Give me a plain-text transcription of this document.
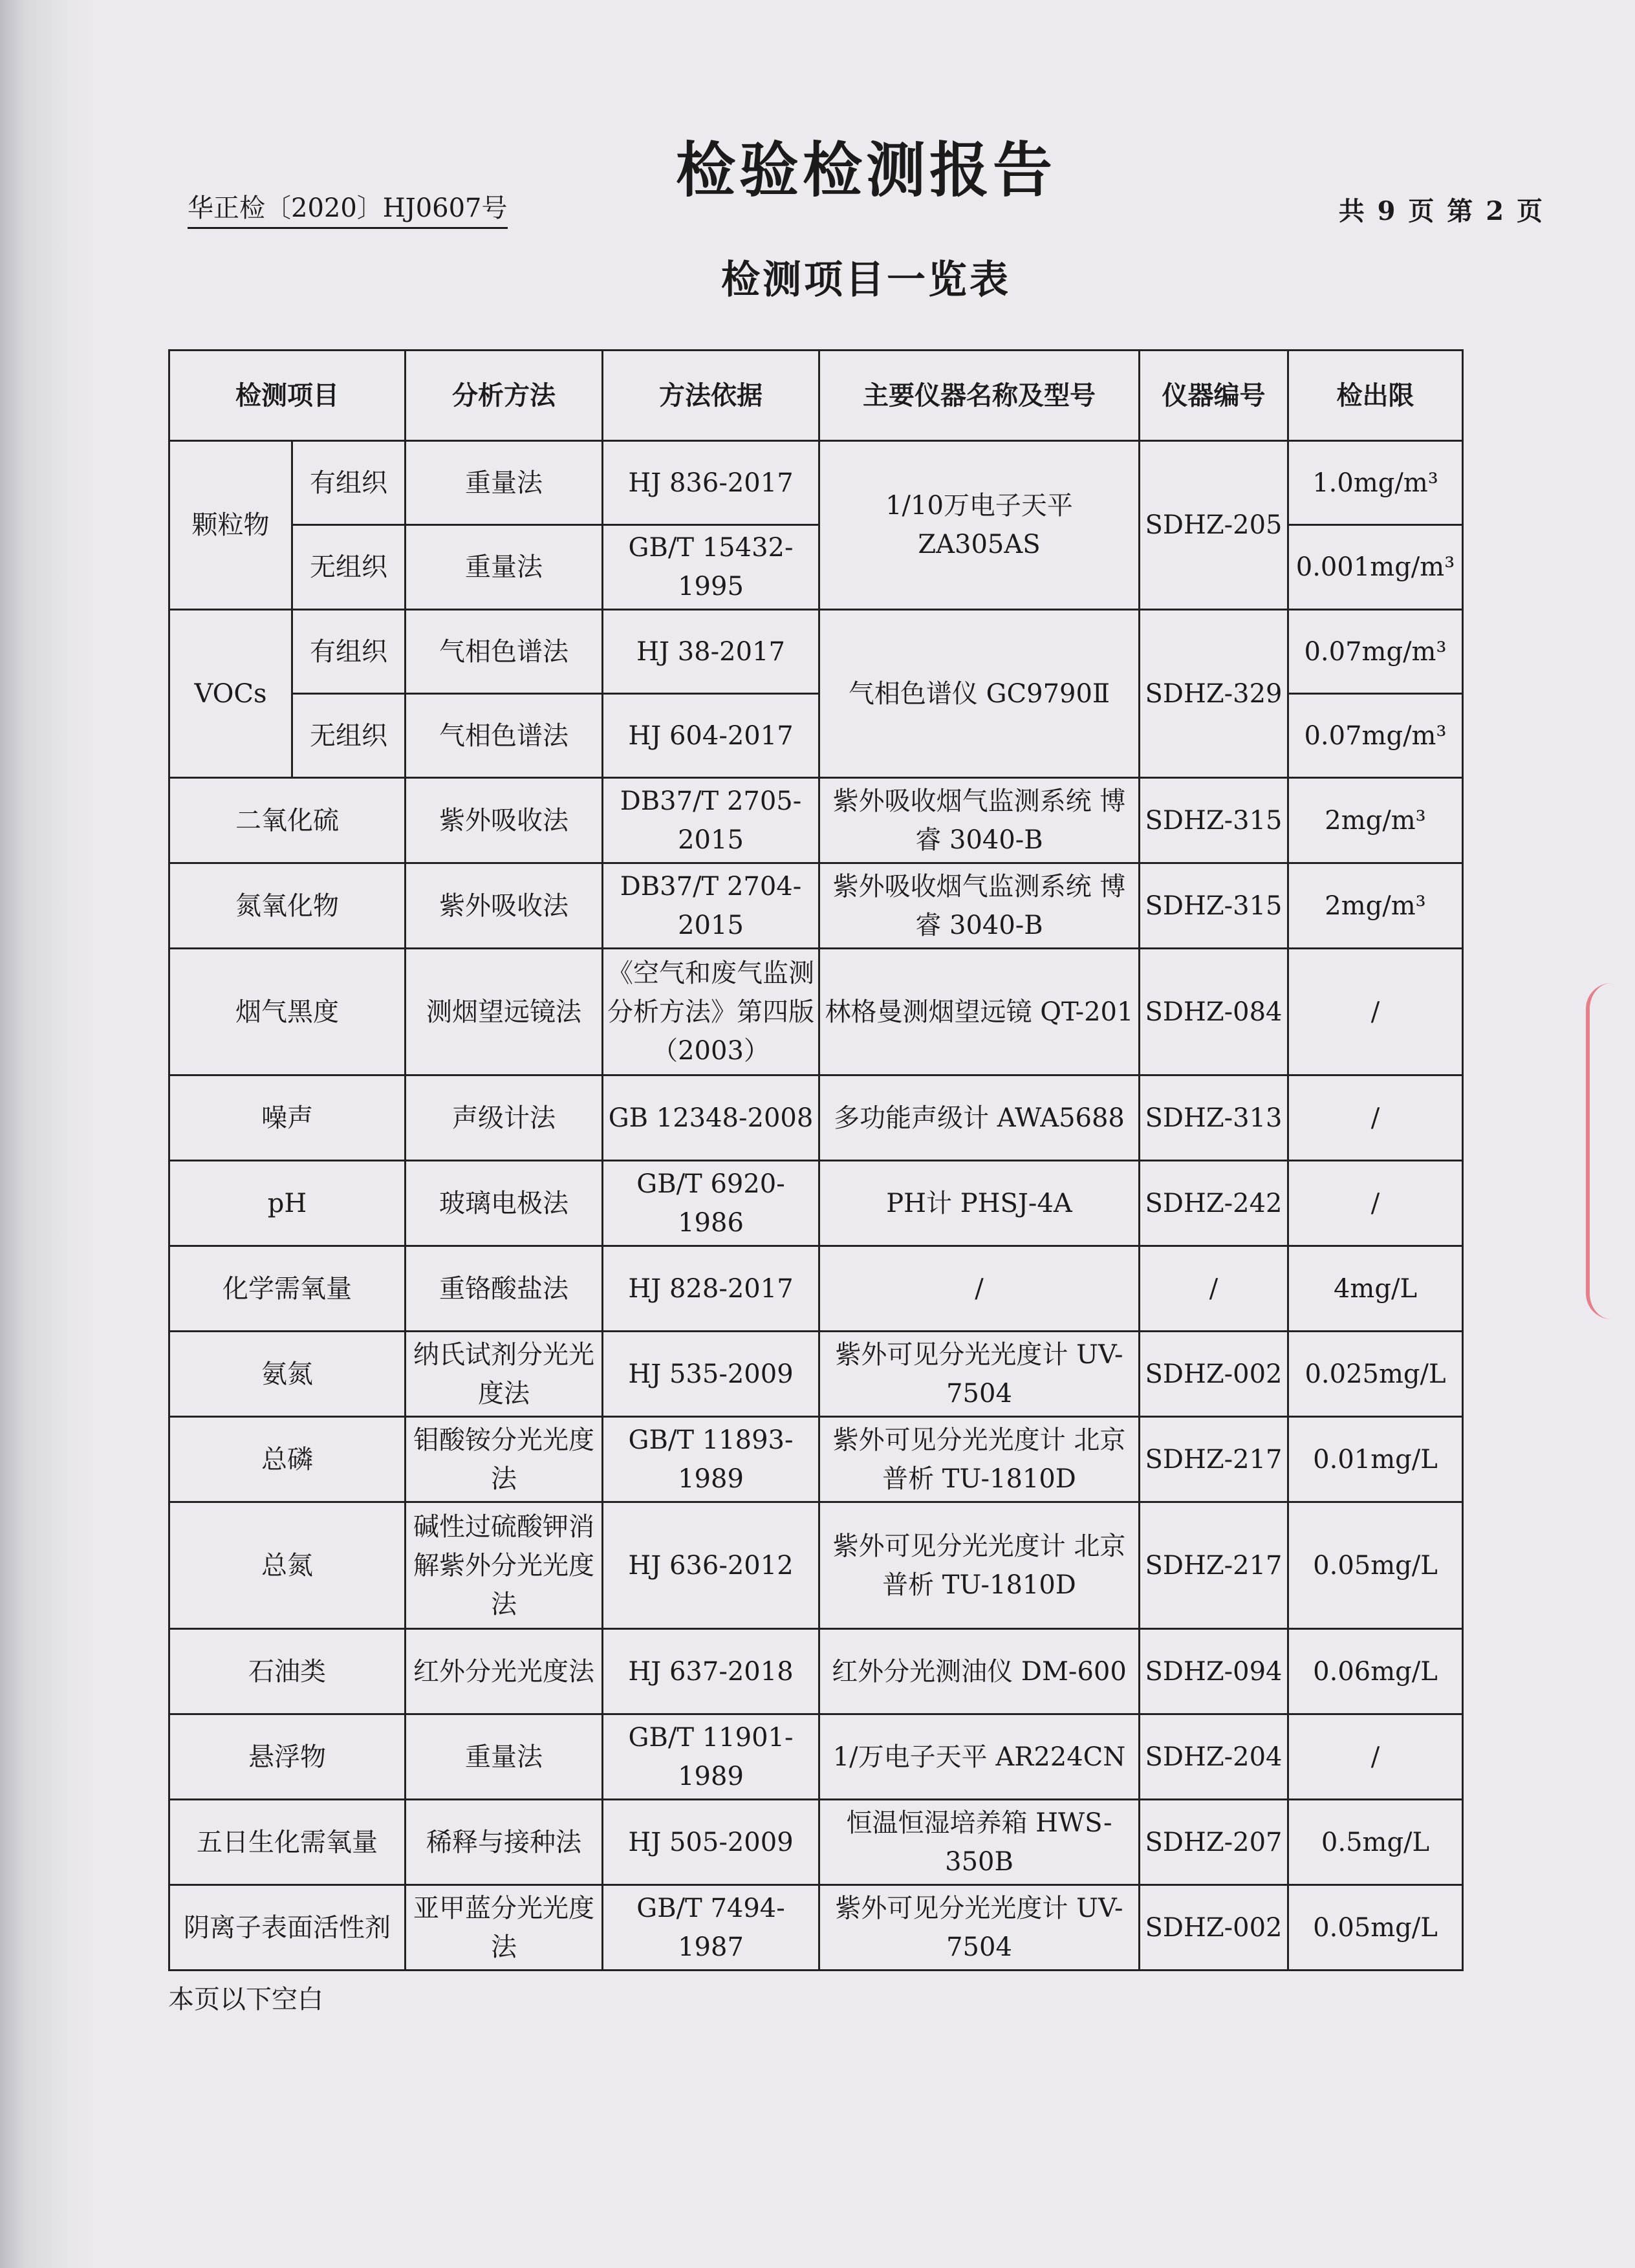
检验检测报告
华正检〔2020〕HJ0607号	共 9 页 第 2 页
检测项目一览表
检测项目		分析方法	方法依据	主要仪器名称及型号	仪器编号	检出限
颗粒物	有组织	重量法	HJ 836-2017	1/10万电子天平 ZA305AS	SDHZ-205	1.0mg/m³
	无组织	重量法	GB/T 15432-1995			0.001mg/m³
VOCs	有组织	气相色谱法	HJ 38-2017	气相色谱仪 GC9790Ⅱ	SDHZ-329	0.07mg/m³
	无组织	气相色谱法	HJ 604-2017			0.07mg/m³
二氧化硫		紫外吸收法	DB37/T 2705-2015	紫外吸收烟气监测系统 博睿 3040-B	SDHZ-315	2mg/m³
氮氧化物		紫外吸收法	DB37/T 2704-2015	紫外吸收烟气监测系统 博睿 3040-B	SDHZ-315	2mg/m³
烟气黑度		测烟望远镜法	《空气和废气监测分析方法》第四版（2003）	林格曼测烟望远镜 QT-201	SDHZ-084	/
噪声		声级计法	GB 12348-2008	多功能声级计 AWA5688	SDHZ-313	/
pH		玻璃电极法	GB/T 6920-1986	PH计 PHSJ-4A	SDHZ-242	/
化学需氧量		重铬酸盐法	HJ 828-2017	/	/	4mg/L
氨氮		纳氏试剂分光光度法	HJ 535-2009	紫外可见分光光度计 UV-7504	SDHZ-002	0.025mg/L
总磷		钼酸铵分光光度法	GB/T 11893-1989	紫外可见分光光度计 北京普析 TU-1810D	SDHZ-217	0.01mg/L
总氮		碱性过硫酸钾消解紫外分光光度法	HJ 636-2012	紫外可见分光光度计 北京普析 TU-1810D	SDHZ-217	0.05mg/L
石油类		红外分光光度法	HJ 637-2018	红外分光测油仪 DM-600	SDHZ-094	0.06mg/L
悬浮物		重量法	GB/T 11901-1989	1/万电子天平 AR224CN	SDHZ-204	/
五日生化需氧量		稀释与接种法	HJ 505-2009	恒温恒湿培养箱 HWS-350B	SDHZ-207	0.5mg/L
阴离子表面活性剂		亚甲蓝分光光度法	GB/T 7494-1987	紫外可见分光光度计 UV-7504	SDHZ-002	0.05mg/L
本页以下空白
